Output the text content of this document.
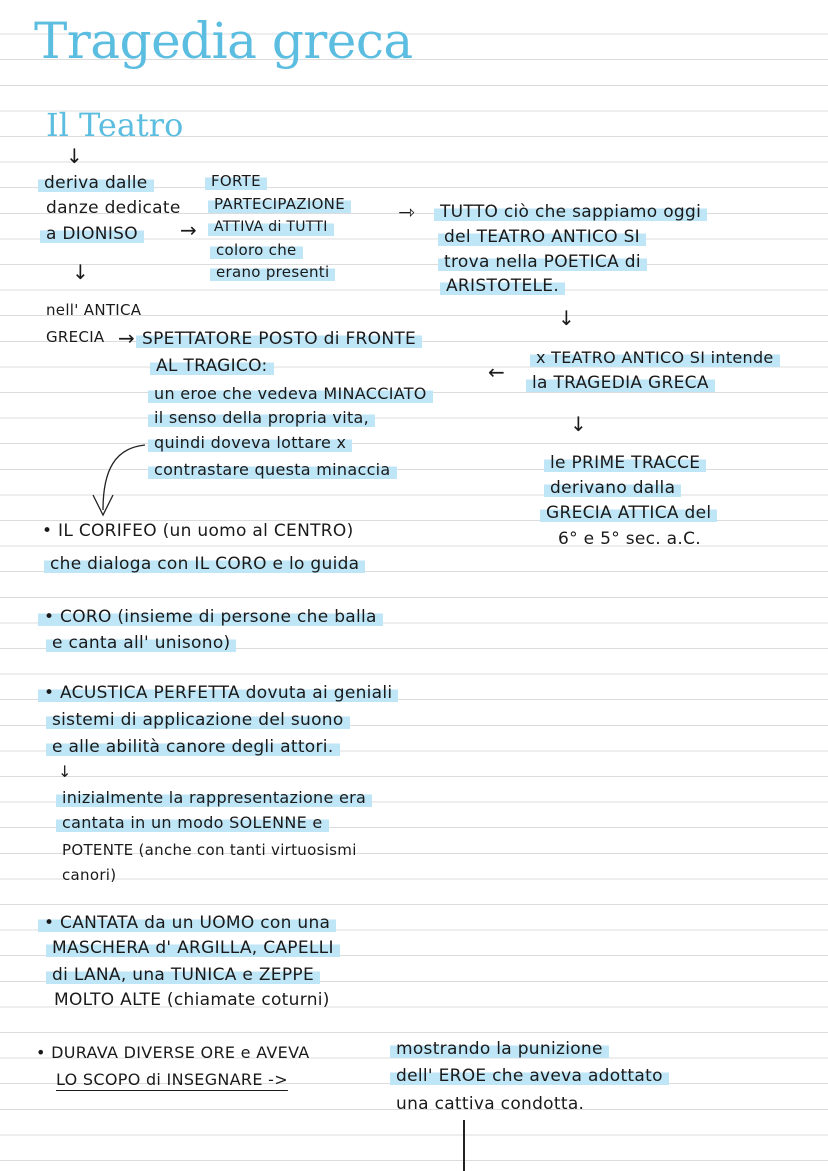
Tragedia greca
Il Teatro
↓
deriva dalle
danze dedicate
a DIONISO
↓
nell' ANTICA
GRECIA →
→
FORTE
PARTECIPAZIONE
ATTIVA di TUTTI
coloro che
erano presenti
⇾	TUTTO ciò che sappiamo oggi
del TEATRO ANTICO SI
trova nella POETICA di
ARISTOTELE.
↓
←
x TEATRO ANTICO SI intende
la TRAGEDIA GRECA
↓
le PRIME TRACCE
derivano dalla
GRECIA ATTICA del
6° e 5° sec. a.C.
SPETTATORE POSTO di FRONTE
AL TRAGICO:
un eroe che vedeva MINACCIATO
il senso della propria vita,
quindi doveva lottare x
contrastare questa minaccia
• IL CORIFEO (un uomo al CENTRO)
che dialoga con IL CORO e lo guida
• CORO (insieme di persone che balla
e canta all' unisono)
• ACUSTICA PERFETTA dovuta ai geniali
sistemi di applicazione del suono
e alle abilità canore degli attori.
↓
inizialmente la rappresentazione era
cantata in un modo SOLENNE e
POTENTE (anche con tanti virtuosismi
canori)
• CANTATA da un UOMO con una
MASCHERA d' ARGILLA, CAPELLI
di LANA, una TUNICA e ZEPPE
MOLTO ALTE (chiamate coturni)
• DURAVA DIVERSE ORE e AVEVA
LO SCOPO di INSEGNARE ->
mostrando la punizione
dell' EROE che aveva adottato
una cattiva condotta.
